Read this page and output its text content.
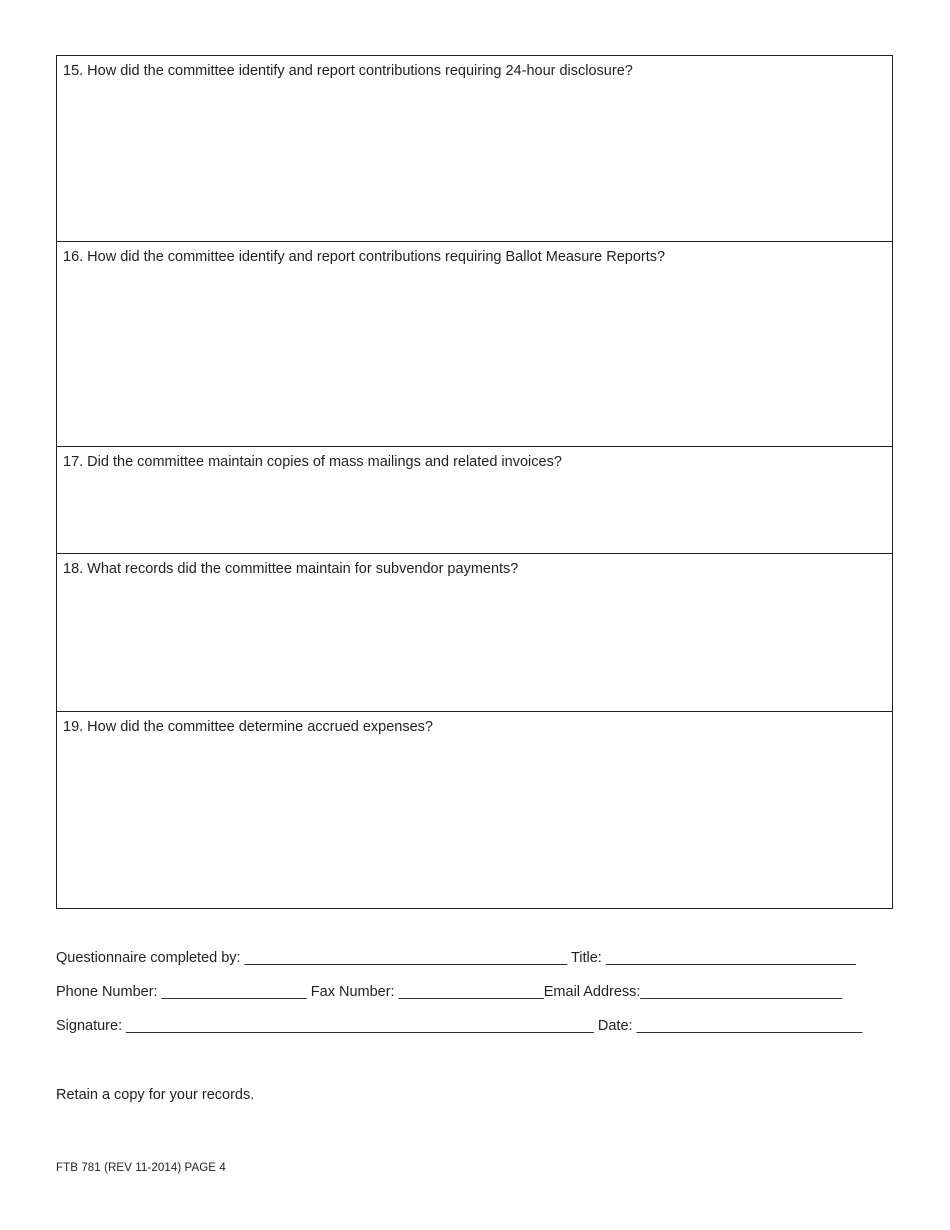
15. How did the committee identify and report contributions requiring 24-hour disclosure?
16. How did the committee identify and report contributions requiring Ballot Measure Reports?
17. Did the committee maintain copies of mass mailings and related invoices?
18. What records did the committee maintain for subvendor payments?
19. How did the committee determine accrued expenses?
Questionnaire completed by: ________________________________________ Title: _______________________________
Phone Number: __________________ Fax Number: __________________Email Address:_________________________
Signature: __________________________________________________________ Date: ____________________________
Retain a copy for your records.
FTB 781 (REV 11-2014) PAGE 4
